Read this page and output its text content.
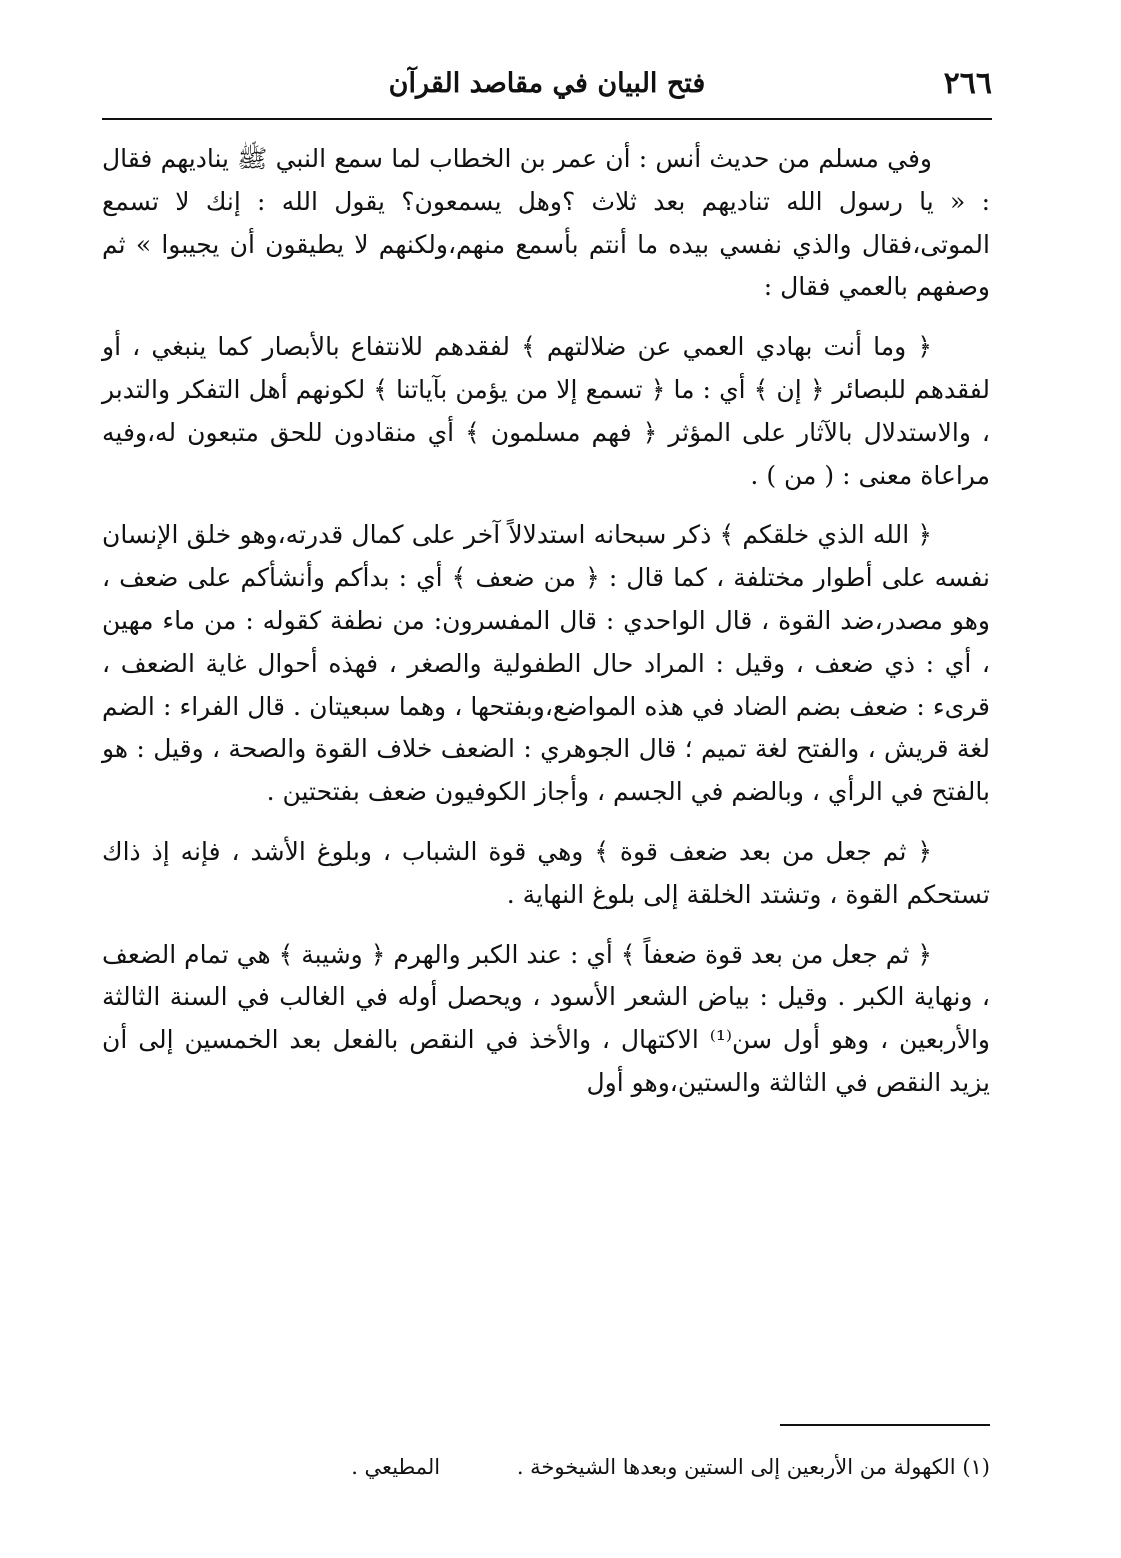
٢٦٦
فتح البيان في مقاصد القرآن

وفي مسلم من حديث أنس : أن عمر بن الخطاب لما سمع النبي ﷺ يناديهم فقال : « يا رسول الله تناديهم بعد ثلاث ؟وهل يسمعون؟ يقول الله : إنك لا تسمع الموتى،فقال والذي نفسي بيده ما أنتم بأسمع منهم،ولكنهم لا يطيقون أن يجيبوا » ثم وصفهم بالعمي فقال :

﴿ وما أنت بهادي العمي عن ضلالتهم ﴾ لفقدهم للانتفاع بالأبصار كما ينبغي ، أو لفقدهم للبصائر ﴿ إن ﴾ أي : ما ﴿ تسمع إلا من يؤمن بآياتنا ﴾ لكونهم أهل التفكر والتدبر ، والاستدلال بالآثار على المؤثر ﴿ فهم مسلمون ﴾ أي منقادون للحق متبعون له،وفيه مراعاة معنى : ( من ) .

﴿ الله الذي خلقكم ﴾ ذكر سبحانه استدلالاً آخر على كمال قدرته،وهو خلق الإنسان نفسه على أطوار مختلفة ، كما قال : ﴿ من ضعف ﴾ أي : بدأكم وأنشأكم على ضعف ، وهو مصدر،ضد القوة ، قال الواحدي : قال المفسرون: من نطفة كقوله : من ماء مهين ، أي : ذي ضعف ، وقيل : المراد حال الطفولية والصغر ، فهذه أحوال غاية الضعف ، قرىء : ضعف بضم الضاد في هذه المواضع،وبفتحها ، وهما سبعيتان . قال الفراء : الضم لغة قريش ، والفتح لغة تميم ؛ قال الجوهري : الضعف خلاف القوة والصحة ، وقيل : هو بالفتح في الرأي ، وبالضم في الجسم ، وأجاز الكوفيون ضعف بفتحتين .

﴿ ثم جعل من بعد ضعف قوة ﴾ وهي قوة الشباب ، وبلوغ الأشد ، فإنه إذ ذاك تستحكم القوة ، وتشتد الخلقة إلى بلوغ النهاية .

﴿ ثم جعل من بعد قوة ضعفاً ﴾ أي : عند الكبر والهرم ﴿ وشيبة ﴾ هي تمام الضعف ، ونهاية الكبر . وقيل : بياض الشعر الأسود ، ويحصل أوله في الغالب في السنة الثالثة والأربعين ، وهو أول سن⁽¹⁾ الاكتهال ، والأخذ في النقص بالفعل بعد الخمسين إلى أن يزيد النقص في الثالثة والستين،وهو أول

(١) الكهولة من الأربعين إلى الستين وبعدها الشيخوخة . المطيعي .
